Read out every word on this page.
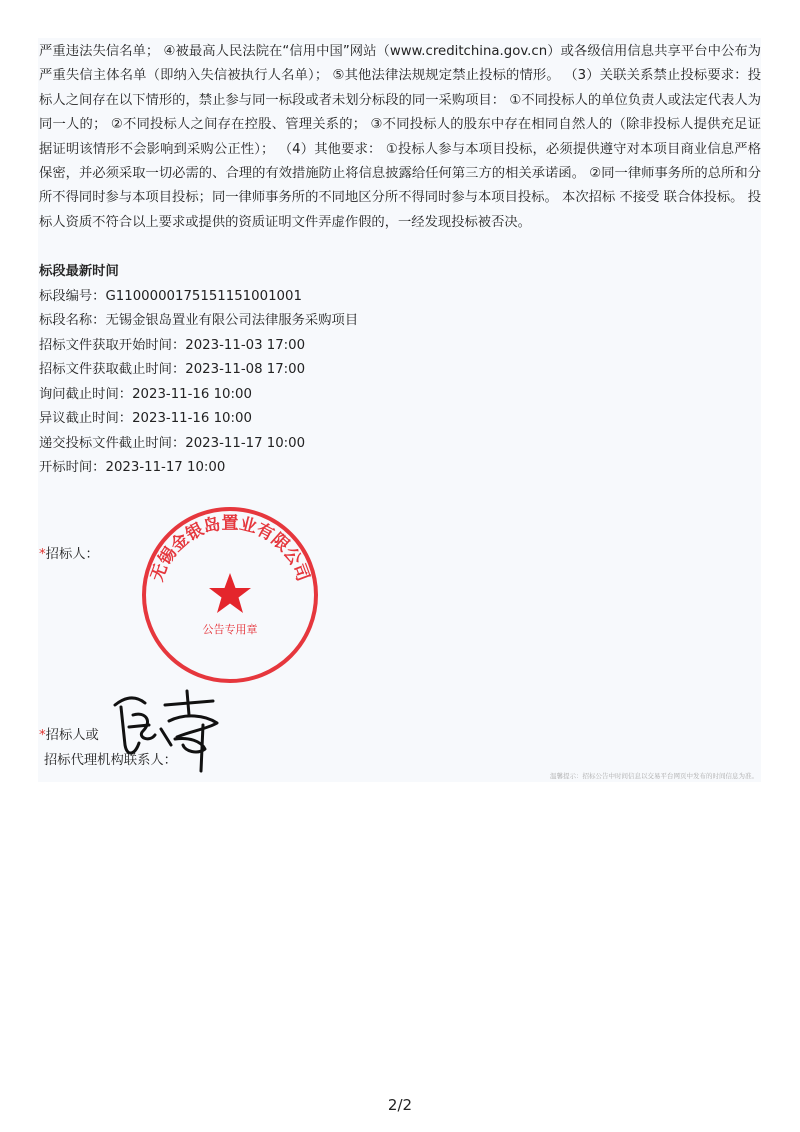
严重违法失信名单； ④被最高人民法院在“信用中国”网站（www.creditchina.gov.cn）或各级信用信息共享平台中公布为严重失信主体名单（即纳入失信被执行人名单）； ⑤其他法律法规规定禁止投标的情形。 （3）关联关系禁止投标要求：投标人之间存在以下情形的，禁止参与同一标段或者未划分标段的同一采购项目： ①不同投标人的单位负责人或法定代表人为同一人的； ②不同投标人之间存在控股、管理关系的； ③不同投标人的股东中存在相同自然人的（除非投标人提供充足证据证明该情形不会影响到采购公正性）； （4）其他要求： ①投标人参与本项目投标，必须提供遵守对本项目商业信息严格保密，并必须采取一切必需的、合理的有效措施防止将信息披露给任何第三方的相关承诺函。 ②同一律师事务所的总所和分所不得同时参与本项目投标；同一律师事务所的不同地区分所不得同时参与本项目投标。 本次招标 不接受 联合体投标。 投标人资质不符合以上要求或提供的资质证明文件弄虚作假的，一经发现投标被否决。
标段最新时间
标段编号：G1100000175151151001001
标段名称：无锡金银岛置业有限公司法律服务采购项目
招标文件获取开始时间：2023-11-03 17:00
招标文件获取截止时间：2023-11-08 17:00
询问截止时间：2023-11-16 10:00
异议截止时间：2023-11-16 10:00
递交投标文件截止时间：2023-11-17 10:00
开标时间：2023-11-17 10:00
*招标人：
无锡金银岛置业有限公司
公告专用章
*招标人或
招标代理机构联系人：
温馨提示：招标公告中时间信息以交易平台网页中发布的时间信息为准。
2/2
